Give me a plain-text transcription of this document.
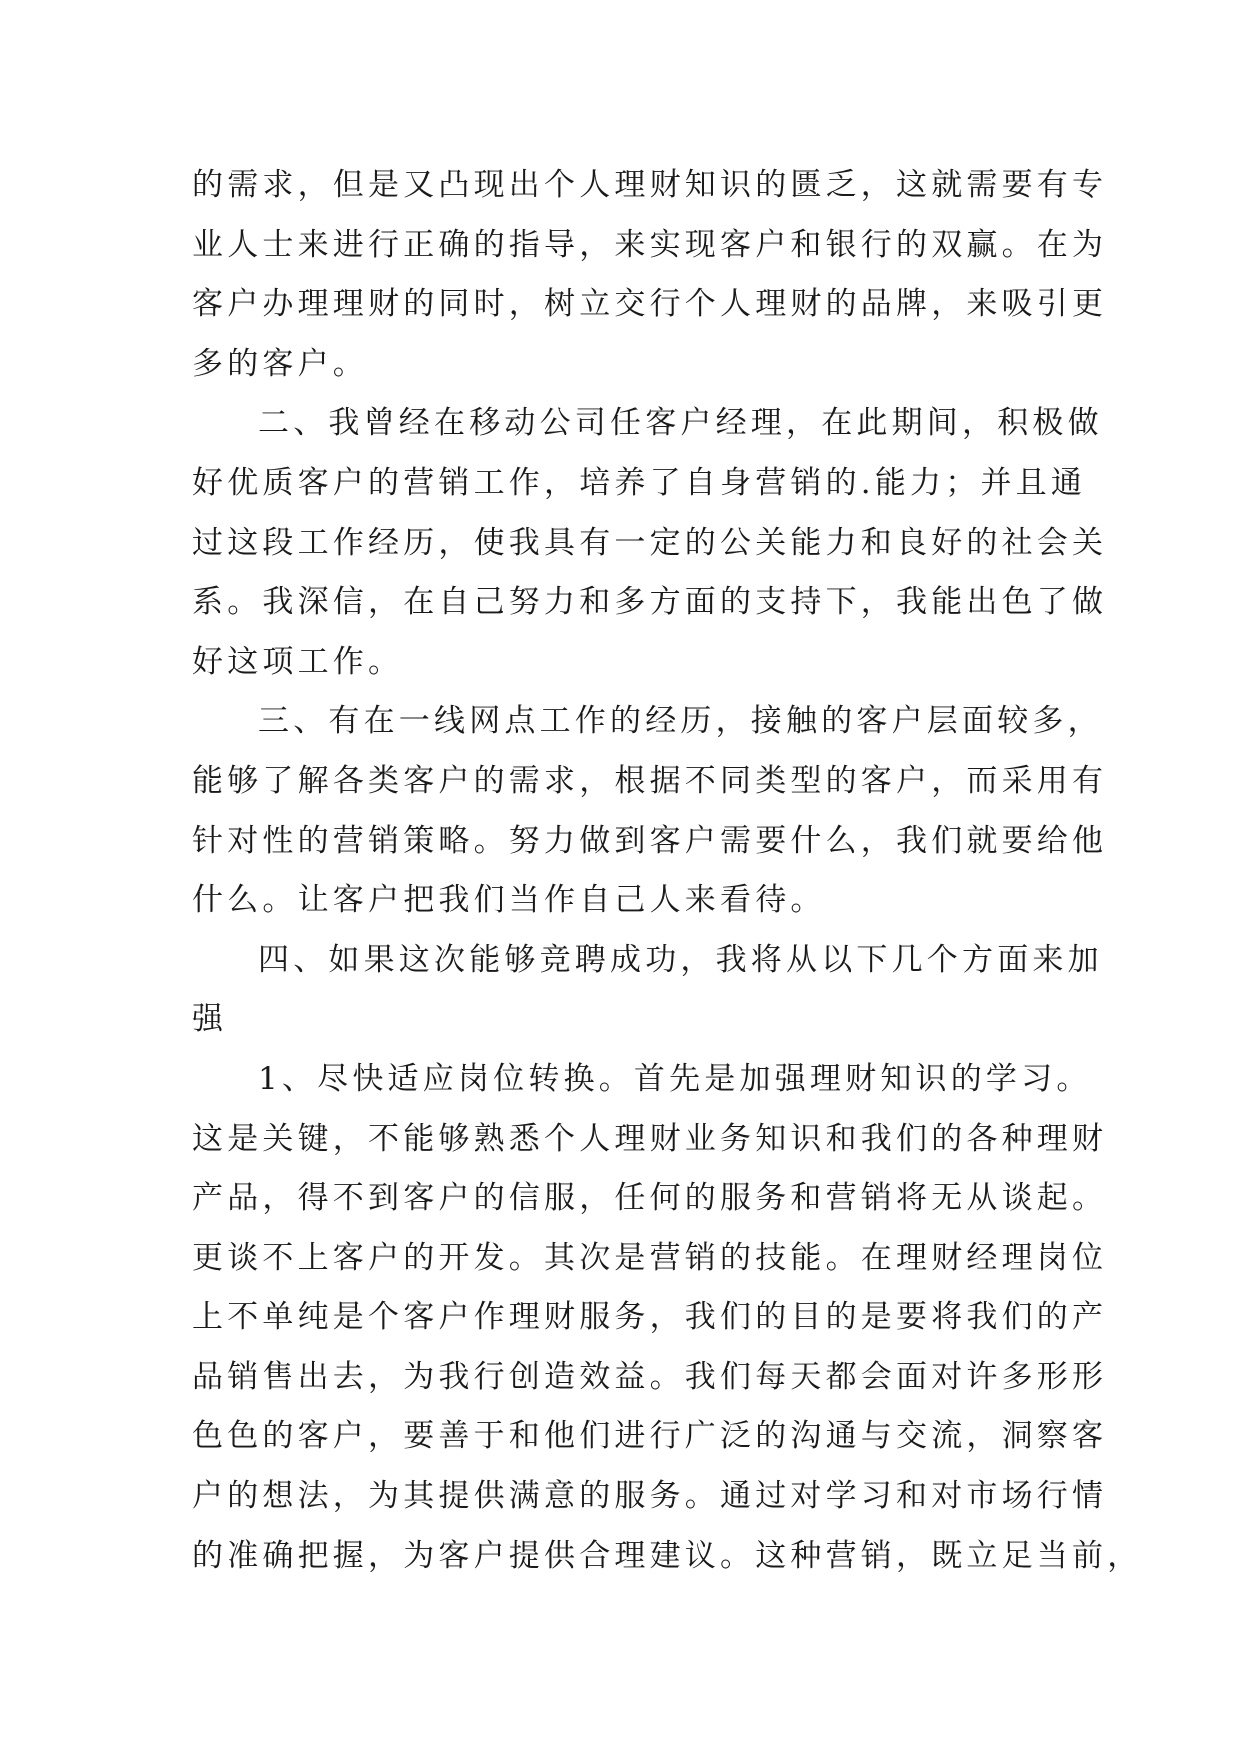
的需求，但是又凸现出个人理财知识的匮乏，这就需要有专
业人士来进行正确的指导，来实现客户和银行的双赢。在为
客户办理理财的同时，树立交行个人理财的品牌，来吸引更
多的客户。
二、我曾经在移动公司任客户经理，在此期间，积极做
好优质客户的营销工作，培养了自身营销的.能力；并且通
过这段工作经历，使我具有一定的公关能力和良好的社会关
系。我深信，在自己努力和多方面的支持下，我能出色了做
好这项工作。
三、有在一线网点工作的经历，接触的客户层面较多，
能够了解各类客户的需求，根据不同类型的客户，而采用有
针对性的营销策略。努力做到客户需要什么，我们就要给他
什么。让客户把我们当作自己人来看待。
四、如果这次能够竞聘成功，我将从以下几个方面来加
强
1、尽快适应岗位转换。首先是加强理财知识的学习。
这是关键，不能够熟悉个人理财业务知识和我们的各种理财
产品，得不到客户的信服，任何的服务和营销将无从谈起。
更谈不上客户的开发。其次是营销的技能。在理财经理岗位
上不单纯是个客户作理财服务，我们的目的是要将我们的产
品销售出去，为我行创造效益。我们每天都会面对许多形形
色色的客户，要善于和他们进行广泛的沟通与交流，洞察客
户的想法，为其提供满意的服务。通过对学习和对市场行情
的准确把握，为客户提供合理建议。这种营销，既立足当前，
